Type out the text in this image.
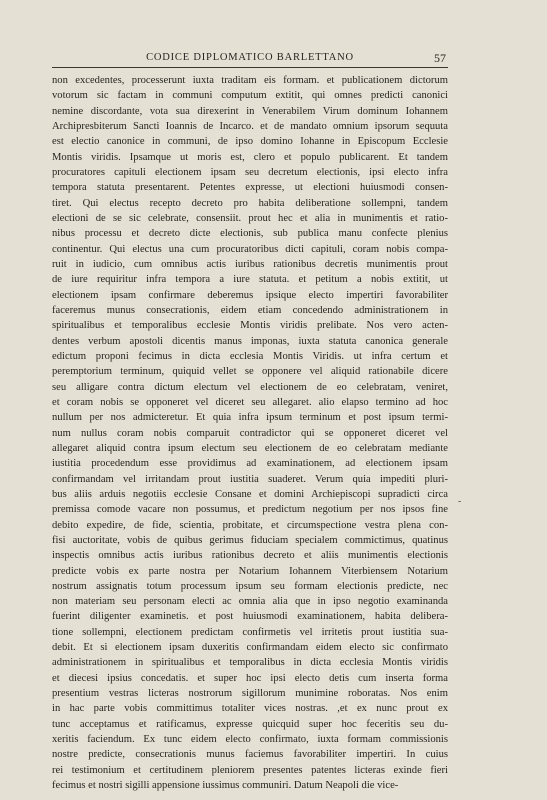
CODICE DIPLOMATICO BARLETTANO	57
non excedentes, processerunt iuxta traditam eis formam. et publicationem dictorum
votorum sic factam in communi computum extitit, qui omnes predicti canonici
nemine discordante, vota sua direxerint in Venerabilem Virum dominum Iohannem
Archipresbiterum Sancti Ioannis de Incarco. et de mandato omnium ipsorum sequuta
est electio canonice in communi, de ipso domino Iohanne in Episcopum Ecclesie
Montis viridis. Ipsamque ut moris est, clero et populo publicarent. Et tandem
procuratores capituli electionem ipsam seu decretum electionis, ipsi electo infra
tempora statuta presentarent. Petentes expresse, ut electioni huiusmodi consen-
tiret. Qui electus recepto decreto pro habita deliberatione sollempni, tandem
electioni de se sic celebrate, consensiit. prout hec et alia in munimentis et ratio-
nibus processu et decreto dicte electionis, sub publica manu confecte plenius
continentur. Qui electus una cum procuratoribus dicti capituli, coram nobis compa-
ruit in iudicio, cum omnibus actis iuribus rationibus decretis munimentis prout
de iure requiritur infra tempora a iure statuta. et petitum a nobis extitit, ut
electionem ipsam confirmare deberemus ipsique electo impertiri favorabiliter
faceremus munus consecrationis, eidem etiam concedendo administrationem in
spiritualibus et temporalibus ecclesie Montis viridis prelibate. Nos vero acten-
dentes verbum apostoli dicentis manus imponas, iuxta statuta canonica generale
edictum proponi fecimus in dicta ecclesia Montis Viridis. ut infra certum et
peremptorium terminum, quiquid vellet se opponere vel aliquid rationabile dicere
seu alligare contra dictum electum vel electionem de eo celebratam, veniret,
et coram nobis se opponeret vel diceret seu allegaret. alio elapso termino ad hoc
nullum per nos admicteretur. Et quia infra ipsum terminum et post ipsum termi-
num nullus coram nobis comparuit contradictor qui se opponeret diceret vel
allegaret aliquid contra ipsum electum seu electionem de eo celebratam mediante
iustitia procedendum esse providimus ad examinationem, ad electionem ipsam
confirmandam vel irritandam prout iustitia suaderet. Verum quia impediti pluri-
bus aliis arduis negotiis ecclesie Consane et domini Archiepiscopi supradicti circa
premissa comode vacare non possumus, et predictum negotium per nos ipsos fine
debito expedire, de fide, scientia, probitate, et circumspectione vestra plena con-
fisi auctoritate, vobis de quibus gerimus fiduciam specialem commictimus, quatinus
inspectis omnibus actis iuribus rationibus decreto et aliis munimentis electionis
predicte vobis ex parte nostra per Notarium Iohannem Viterbiensem Notarium
nostrum assignatis totum processum ipsum seu formam electionis predicte, nec
non materiam seu personam electi ac omnia alia que in ipso negotio examinanda
fuerint diligenter examinetis. et post huiusmodi examinationem, habita delibera-
tione sollempni, electionem predictam confirmetis vel irritetis prout iustitia sua-
debit. Et si electionem ipsam duxeritis confirmandam eidem electo sic confirmato
administrationem in spiritualibus et temporalibus in dicta ecclesia Montis viridis
et diecesi ipsius concedatis. et super hoc ipsi electo detis cum inserta forma
presentium vestras licteras nostrorum sigillorum munimine roboratas. Nos enim
in hac parte vobis committimus totaliter vices nostras. ,et ex nunc prout ex
tunc acceptamus et ratificamus, expresse quicquid super hoc feceritis seu du-
xeritis faciendum. Ex tunc eidem electo confirmato, iuxta formam commissionis
nostre predicte, consecrationis munus faciemus favorabiliter impertiri. In cuius
rei testimonium et certitudinem pleniorem presentes patentes licteras exinde fieri
fecimus et nostri sigilli appensione iussimus communiri. Datum Neapoli die vice-
-
